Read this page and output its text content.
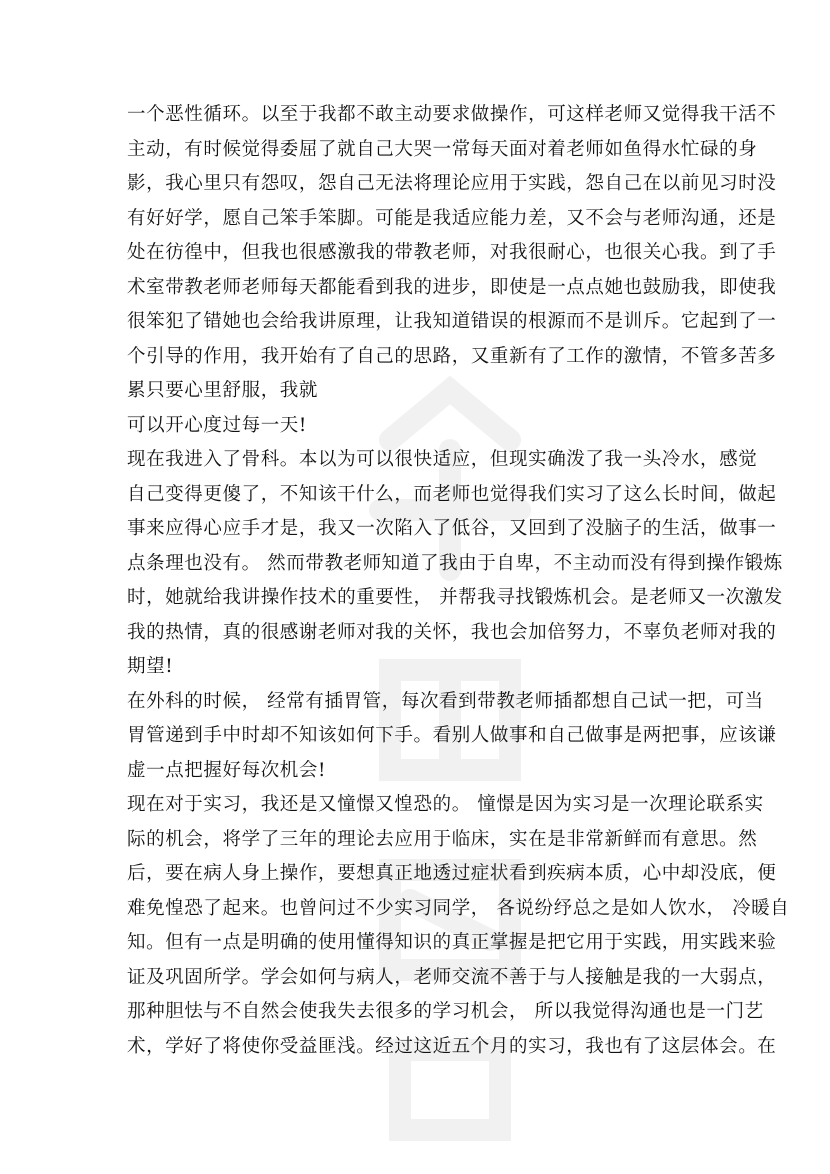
一个恶性循环。以至于我都不敢主动要求做操作，可这样老师又觉得我干活不
主动，有时候觉得委屈了就自己大哭一常每天面对着老师如鱼得水忙碌的身
影，我心里只有怨叹，怨自己无法将理论应用于实践，怨自己在以前见习时没
有好好学，愿自己笨手笨脚。可能是我适应能力差，又不会与老师沟通，还是
处在彷徨中，但我也很感激我的带教老师，对我很耐心，也很关心我。到了手
术室带教老师老师每天都能看到我的进步，即使是一点点她也鼓励我，即使我
很笨犯了错她也会给我讲原理，让我知道错误的根源而不是训斥。它起到了一
个引导的作用，我开始有了自己的思路，又重新有了工作的激情，不管多苦多
累只要心里舒服，我就
可以开心度过每一天!
现在我进入了骨科。本以为可以很快适应，但现实确泼了我一头冷水，感觉
自己变得更傻了，不知该干什么，而老师也觉得我们实习了这么长时间，做起
事来应得心应手才是，我又一次陷入了低谷，又回到了没脑子的生活，做事一
点条理也没有。 然而带教老师知道了我由于自卑，不主动而没有得到操作锻炼
时，她就给我讲操作技术的重要性， 并帮我寻找锻炼机会。是老师又一次激发
我的热情，真的很感谢老师对我的关怀，我也会加倍努力，不辜负老师对我的
期望!
在外科的时候， 经常有插胃管，每次看到带教老师插都想自己试一把，可当
胃管递到手中时却不知该如何下手。看别人做事和自己做事是两把事，应该谦
虚一点把握好每次机会!
现在对于实习，我还是又憧憬又惶恐的。 憧憬是因为实习是一次理论联系实
际的机会，将学了三年的理论去应用于临床，实在是非常新鲜而有意思。然
后，要在病人身上操作，要想真正地透过症状看到疾病本质，心中却没底，便
难免惶恐了起来。也曾问过不少实习同学， 各说纷纾总之是如人饮水， 冷暖自
知。但有一点是明确的使用懂得知识的真正掌握是把它用于实践，用实践来验
证及巩固所学。学会如何与病人，老师交流不善于与人接触是我的一大弱点，
那种胆怯与不自然会使我失去很多的学习机会， 所以我觉得沟通也是一门艺
术，学好了将使你受益匪浅。经过这近五个月的实习，我也有了这层体会。在
